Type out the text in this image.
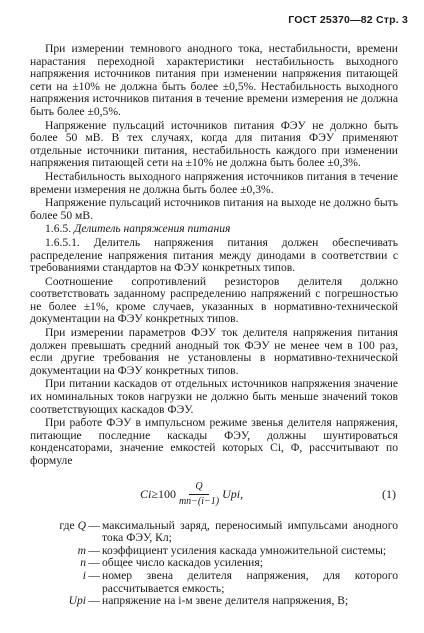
ГОСТ 25370—82 Стр. 3

При измерении темнового анодного тока, нестабильности, времени нарастания переходной характеристики нестабильность выходного напряжения источников питания при изменении напряжения питающей сети на ±10% не должна быть более ±0,5%. Нестабильность выходного напряжения источников питания в течение времени измерения не должна быть более ±0,5%.

Напряжение пульсаций источников питания ФЭУ не должно быть более 50 мВ. В тех случаях, когда для питания ФЭУ применяют отдельные источники питания, нестабильность каждого при изменении напряжения питающей сети на ±10% не должна быть более ±0,3%.

Нестабильность выходного напряжения источников питания в течение времени измерения не должна быть более ±0,3%.

Напряжение пульсаций источников питания на выходе не должно быть более 50 мВ.

1.6.5. Делитель напряжения питания

1.6.5.1. Делитель напряжения питания должен обеспечивать распределение напряжения питания между динодами в соответствии с требованиями стандартов на ФЭУ конкретных типов.

Соотношение сопротивлений резисторов делителя должно соответствовать заданному распределению напряжений с погрешностью не более ±1%, кроме случаев, указанных в нормативно-технической документации на ФЭУ конкретных типов.

При измерении параметров ФЭУ ток делителя напряжения питания должен превышать средний анодный ток ФЭУ не менее чем в 100 раз, если другие требования не установлены в нормативно-технической документации на ФЭУ конкретных типов.

При питании каскадов от отдельных источников напряжения значение их номинальных токов нагрузки не должно быть меньше значений токов соответствующих каскадов ФЭУ.

При работе ФЭУ в импульсном режиме звенья делителя напряжения, питающие последние каскады ФЭУ, должны шунтироваться конденсаторами, значение емкостей которых Ci, Φ, рассчитывают по формуле

$Ci \ge 100 \frac{Q}{mn-(i-1)}$ Upi,	(1)
где Q — максимальный заряд, переносимый импульсами анодного тока ФЭУ, Кл;
m — коэффициент усиления каскада умножительной системы;
n — общее число каскадов усиления;
i — номер звена делителя напряжения, для которого рассчитывается емкость;
Upi — напряжение на i-м звене делителя напряжения, В;
